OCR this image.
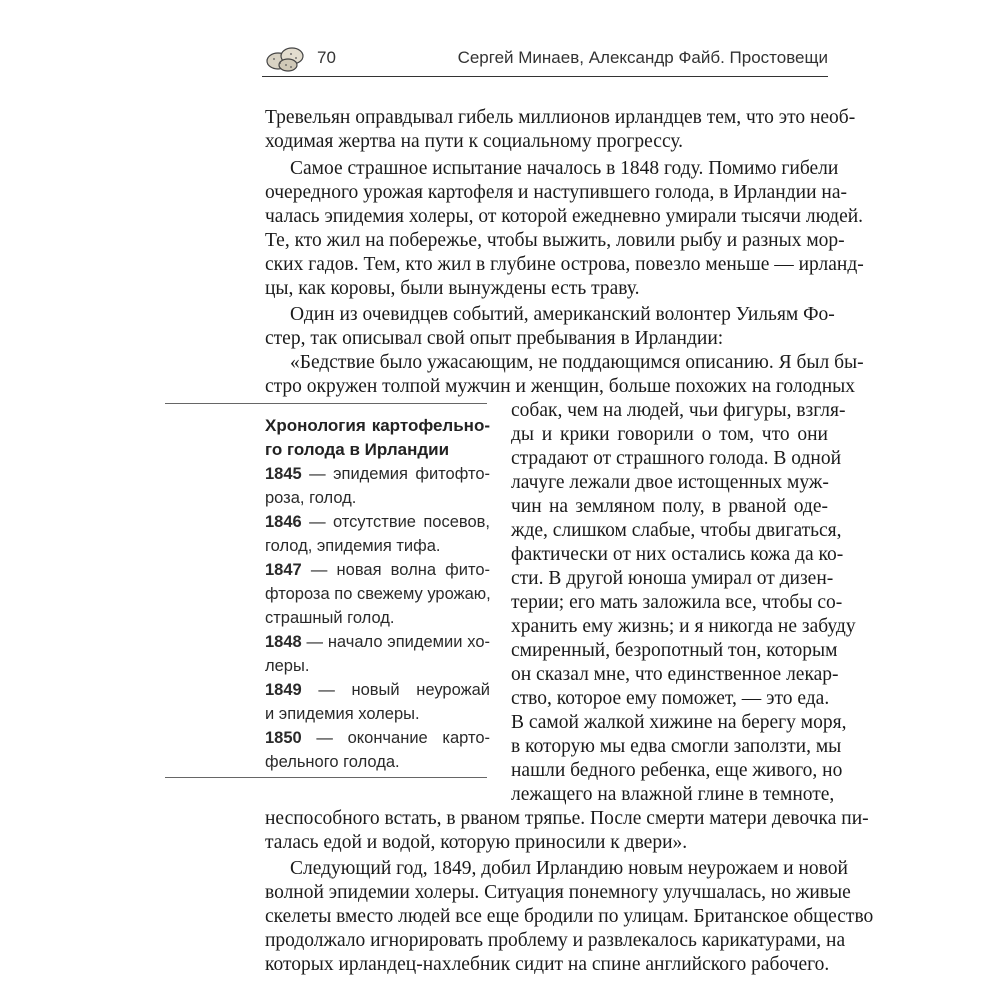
70	Сергей Минаев, Александр Файб. Простовещи
Тревельян оправдывал гибель миллионов ирландцев тем, что это необ-
ходимая жертва на пути к социальному прогрессу.
Самое страшное испытание началось в 1848 году. Помимо гибели
очередного урожая картофеля и наступившего голода, в Ирландии на-
чалась эпидемия холеры, от которой ежедневно умирали тысячи людей.
Те, кто жил на побережье, чтобы выжить, ловили рыбу и разных мор-
ских гадов. Тем, кто жил в глубине острова, повезло меньше — ирланд-
цы, как коровы, были вынуждены есть траву.
Один из очевидцев событий, американский волонтер Уильям Фо-
стер, так описывал свой опыт пребывания в Ирландии:
«Бедствие было ужасающим, не поддающимся описанию. Я был бы-
стро окружен толпой мужчин и женщин, больше похожих на голодных
собак, чем на людей, чьи фигуры, взгля-
ды и крики говорили о том, что они
страдают от страшного голода. В одной
лачуге лежали двое истощенных муж-
чин на земляном полу, в рваной оде-
жде, слишком слабые, чтобы двигаться,
фактически от них остались кожа да ко-
сти. В другой юноша умирал от дизен-
терии; его мать заложила все, чтобы со-
хранить ему жизнь; и я никогда не забуду
смиренный, безропотный тон, которым
он сказал мне, что единственное лекар-
ство, которое ему поможет, — это еда.
В самой жалкой хижине на берегу моря,
в которую мы едва смогли заползти, мы
нашли бедного ребенка, еще живого, но
лежащего на влажной глине в темноте,
Хронология картофельно-
го голода в Ирландии
1845 — эпидемия фитофто-
роза, голод.
1846 — отсутствие посевов,
голод, эпидемия тифа.
1847 — новая волна фито-
фтороза по свежему урожаю,
страшный голод.
1848 — начало эпидемии хо-
леры.
1849 — новый неурожай
и эпидемия холеры.
1850 — окончание карто-
фельного голода.
неспособного встать, в рваном тряпье. После смерти матери девочка пи-
талась едой и водой, которую приносили к двери».
Следующий год, 1849, добил Ирландию новым неурожаем и новой
волной эпидемии холеры. Ситуация понемногу улучшалась, но живые
скелеты вместо людей все еще бродили по улицам. Британское общество
продолжало игнорировать проблему и развлекалось карикатурами, на
которых ирландец-нахлебник сидит на спине английского рабочего.
